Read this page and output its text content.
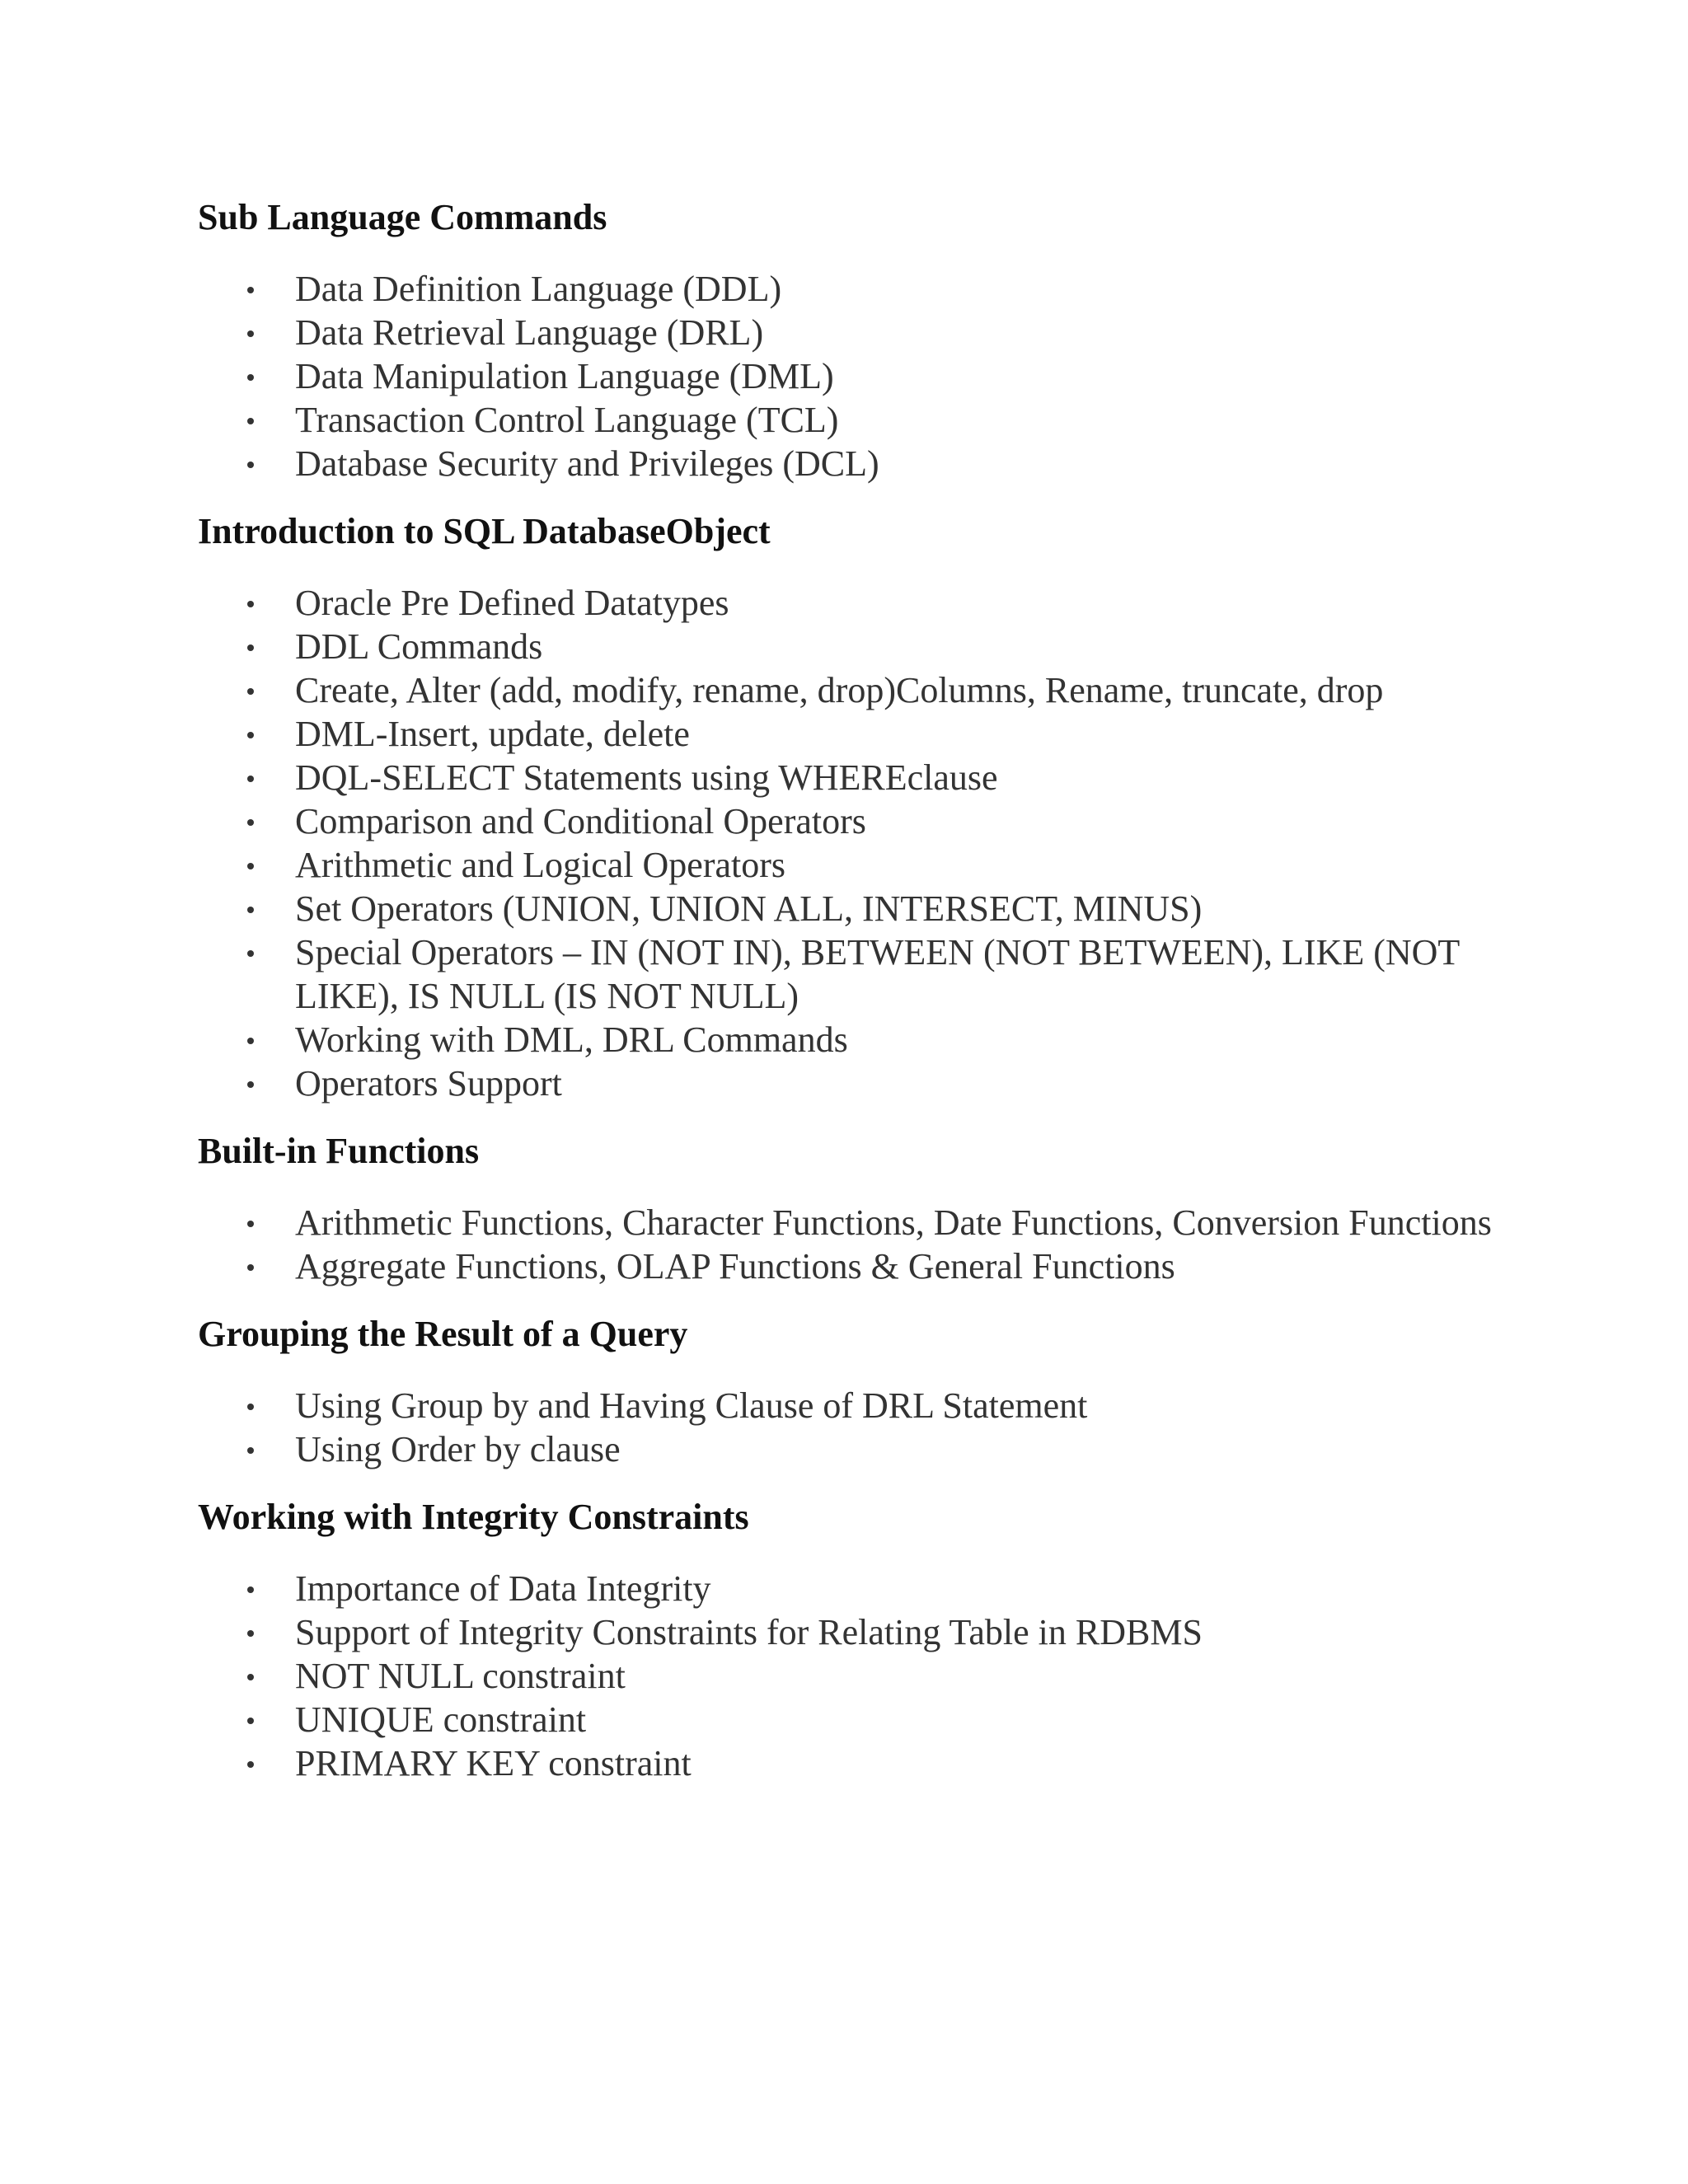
Sub Language Commands
Data Definition Language (DDL)
Data Retrieval Language (DRL)
Data Manipulation Language (DML)
Transaction Control Language (TCL)
Database Security and Privileges (DCL)
Introduction to SQL DatabaseObject
Oracle Pre Defined Datatypes
DDL Commands
Create, Alter (add, modify, rename, drop)Columns, Rename, truncate, drop
DML-Insert, update, delete
DQL-SELECT Statements using WHEREclause
Comparison and Conditional Operators
Arithmetic and Logical Operators
Set Operators (UNION, UNION ALL, INTERSECT, MINUS)
Special Operators – IN (NOT IN), BETWEEN (NOT BETWEEN), LIKE (NOT LIKE), IS NULL (IS NOT NULL)
Working with DML, DRL Commands
Operators Support
Built-in Functions
Arithmetic Functions, Character Functions, Date Functions, Conversion Functions
Aggregate Functions, OLAP Functions & General Functions
Grouping the Result of a Query
Using Group by and Having Clause of DRL Statement
Using Order by clause
Working with Integrity Constraints
Importance of Data Integrity
Support of Integrity Constraints for Relating Table in RDBMS
NOT NULL constraint
UNIQUE constraint
PRIMARY KEY constraint
